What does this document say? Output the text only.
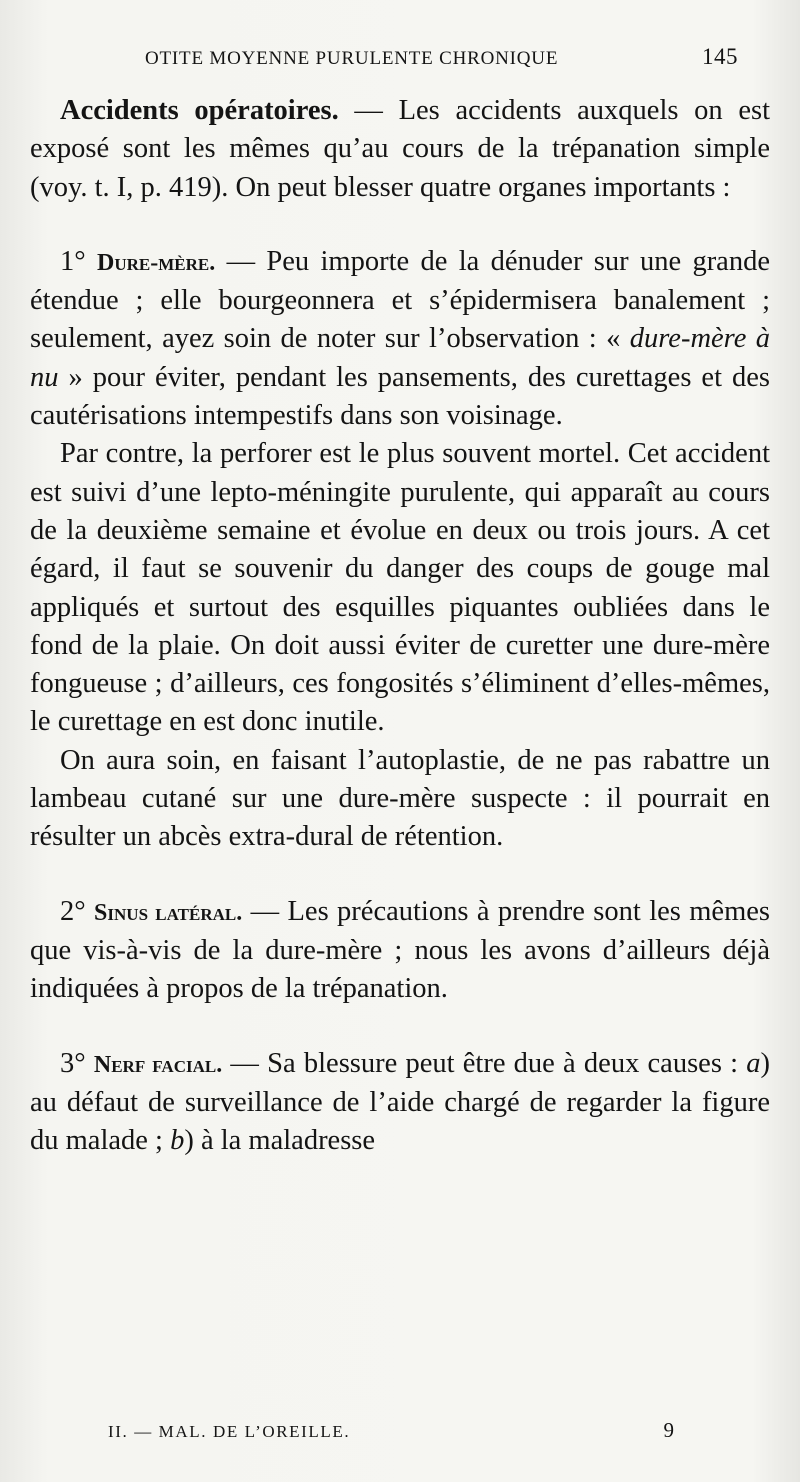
OTITE MOYENNE PURULENTE CHRONIQUE	145

Accidents opératoires. — Les accidents auxquels on est exposé sont les mêmes qu’au cours de la trépanation simple (voy. t. I, p. 419). On peut blesser quatre organes importants :

1° Dure-mère. — Peu importe de la dénuder sur une grande étendue ; elle bourgeonnera et s’épidermisera banalement ; seulement, ayez soin de noter sur l’observation : « dure-mère à nu » pour éviter, pendant les pansements, des curettages et des cautérisations intempestifs dans son voisinage.

Par contre, la perforer est le plus souvent mortel. Cet accident est suivi d’une lepto-méningite purulente, qui apparaît au cours de la deuxième semaine et évolue en deux ou trois jours. A cet égard, il faut se souvenir du danger des coups de gouge mal appliqués et surtout des esquilles piquantes oubliées dans le fond de la plaie. On doit aussi éviter de curetter une dure-mère fongueuse ; d’ailleurs, ces fongosités s’éliminent d’elles-mêmes, le curettage en est donc inutile.

On aura soin, en faisant l’autoplastie, de ne pas rabattre un lambeau cutané sur une dure-mère suspecte : il pourrait en résulter un abcès extra-dural de rétention.

2° Sinus latéral. — Les précautions à prendre sont les mêmes que vis-à-vis de la dure-mère ; nous les avons d’ailleurs déjà indiquées à propos de la trépanation.

3° Nerf facial. — Sa blessure peut être due à deux causes : a) au défaut de surveillance de l’aide chargé de regarder la figure du malade ; b) à la maladresse

II. — MAL. DE L’OREILLE.	9
